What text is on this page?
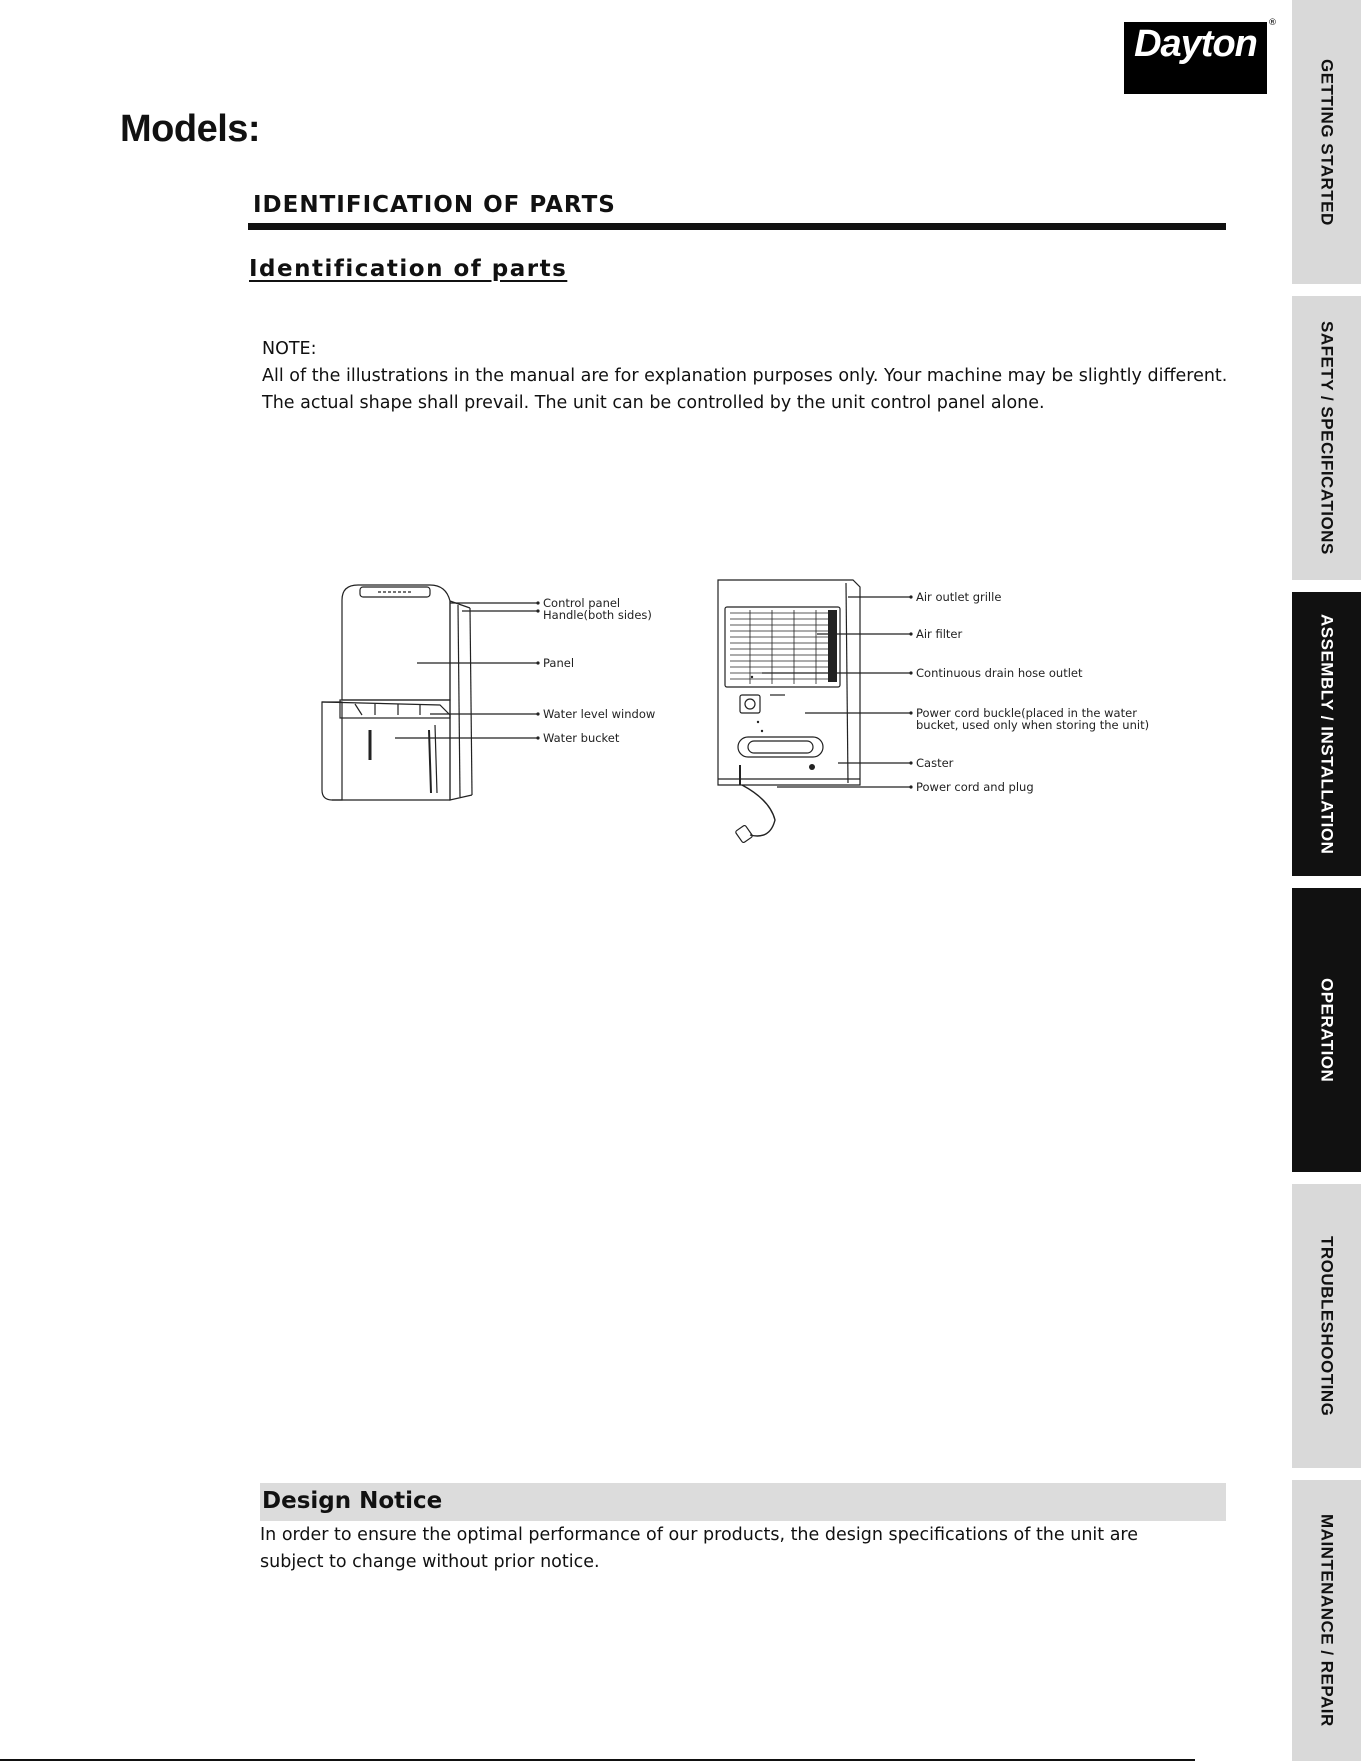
Dayton ®
Models:
IDENTIFICATION OF PARTS
Identification of parts

NOTE:

All of the illustrations in the manual are for explanation purposes only. Your machine may be slightly different.

The actual shape shall prevail. The unit can be controlled by the unit control panel alone.

Control panel
Handle(both sides)
Panel
Water level window
Water bucket
Air outlet grille
Air filter
Continuous drain hose outlet
Power cord buckle(placed in the water
bucket, used only when storing the unit)
Caster
Power cord and plug
Design Notice

In order to ensure the optimal performance of our products, the design specifications of the unit are

subject to change without prior notice.

GETTING STARTED
SAFETY / SPECIFICATIONS
ASSEMBLY / INSTALLATION
OPERATION
TROUBLESHOOTING
MAINTENANCE / REPAIR
